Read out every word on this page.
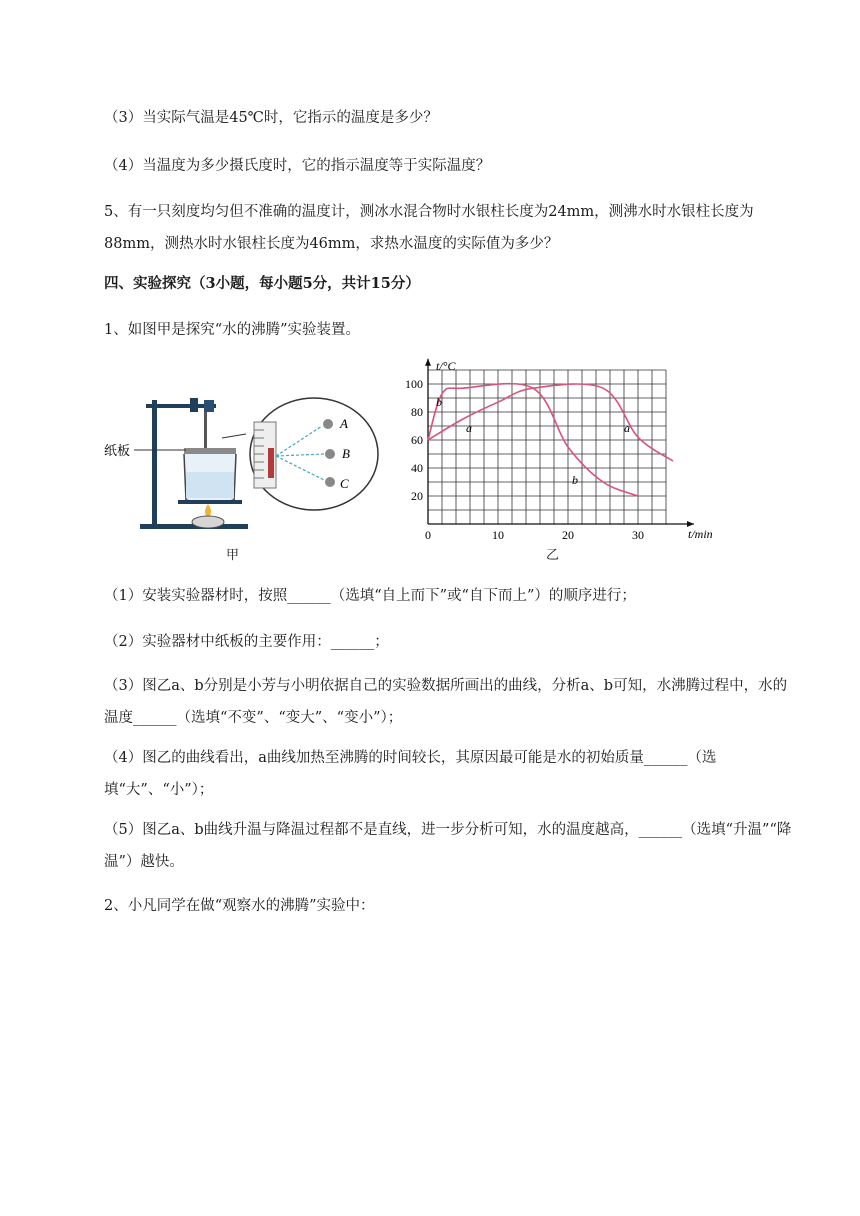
（3）当实际气温是45℃时，它指示的温度是多少？
（4）当温度为多少摄氏度时，它的指示温度等于实际温度？
5、有一只刻度均匀但不准确的温度计，测冰水混合物时水银柱长度为24mm，测沸水时水银柱长度为88mm，测热水时水银柱长度为46mm，求热水温度的实际值为多少？
四、实验探究（3小题，每小题5分，共计15分）
1、如图甲是探究“水的沸腾”实验装置。
纸板
A
B
C
甲
0	10	20	30
20
40
60
80
100
t/°C
t/min
b
a	a
b
乙
（1）安装实验器材时，按照______（选填“自上而下”或“自下而上”）的顺序进行；
（2）实验器材中纸板的主要作用：______；
（3）图乙a、b分别是小芳与小明依据自己的实验数据所画出的曲线，分析a、b可知，水沸腾过程中，水的温度______（选填“不变”、“变大”、“变小”）；
（4）图乙的曲线看出，a曲线加热至沸腾的时间较长，其原因最可能是水的初始质量______（选填“大”、“小”）；
（5）图乙a、b曲线升温与降温过程都不是直线，进一步分析可知，水的温度越高，______（选填“升温”“降温”）越快。
2、小凡同学在做“观察水的沸腾”实验中：
